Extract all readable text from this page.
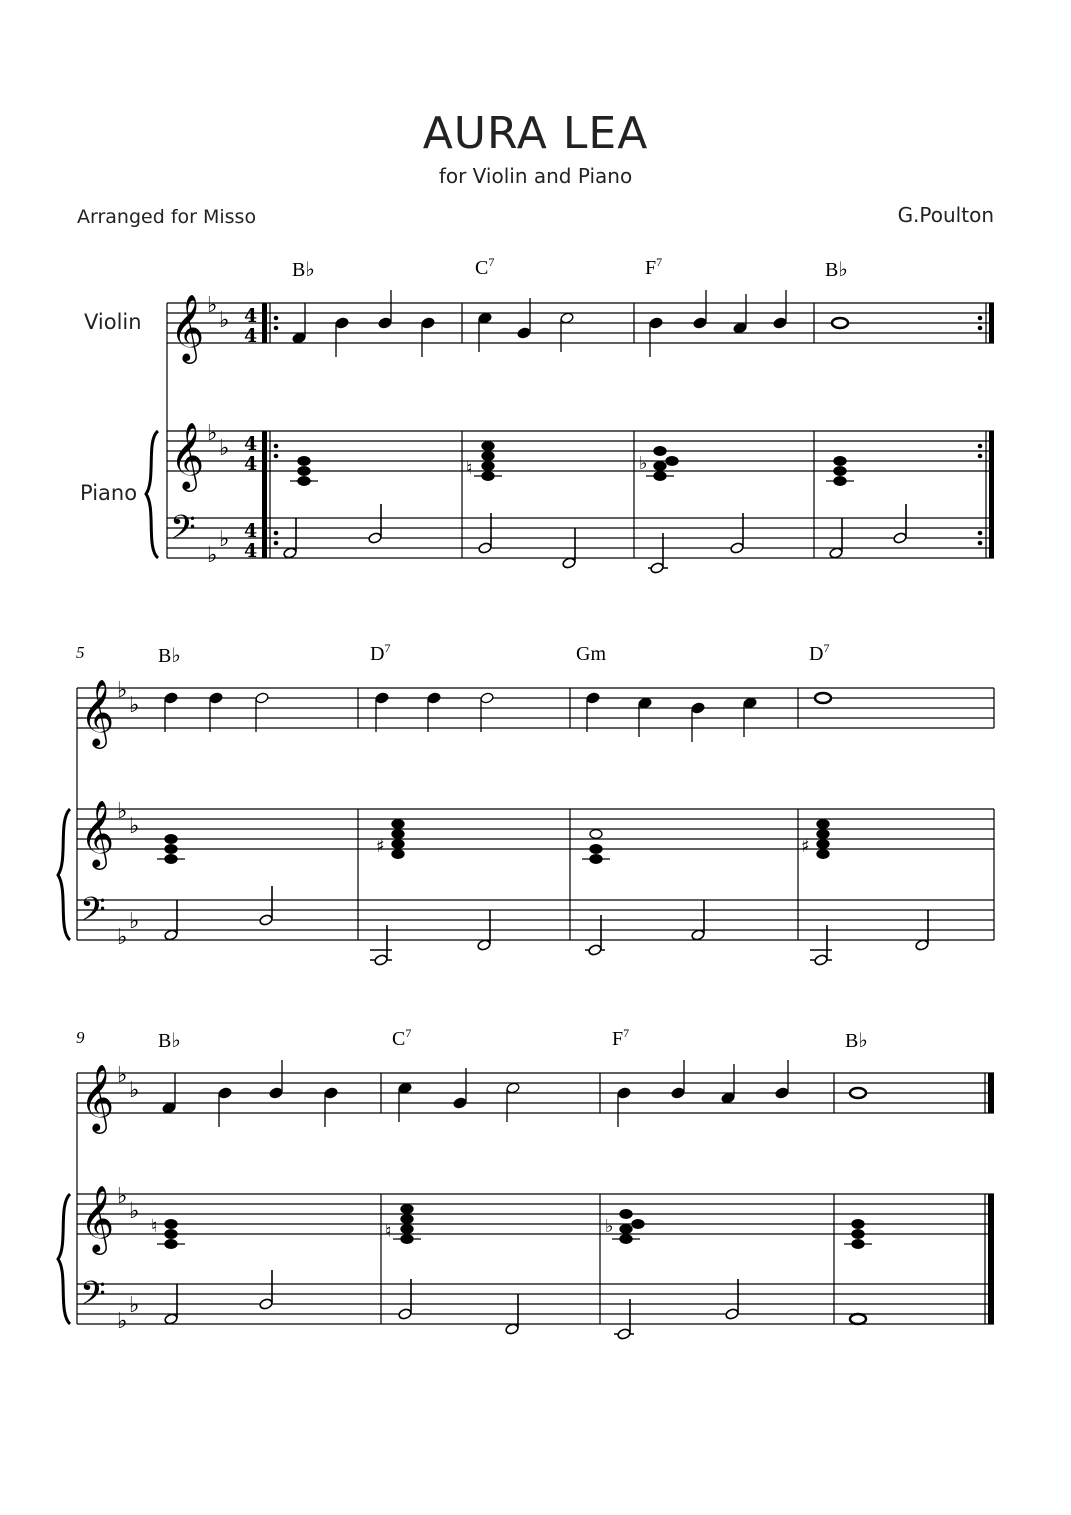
AURA LEA
for Violin and Piano
Arranged for Misso	G.Poulton
Violin
Piano
B♭	$C^7$	$F^7$	B♭
5	B♭	$D^7$	Gm	$D^7$
9	B♭	$C^7$	$F^7$	B♭
𝄞
𝄞
𝄢
♭
♭
♭
♭
♭
♭
4
4
4
4
4
4
♮	♭
𝄞
𝄞
𝄢
♭
♭
♭
♭
♭
♭
♯	♯
𝄞
𝄞
𝄢
♭
♭
♭
♭
♭
♭
♮	♮	♭
